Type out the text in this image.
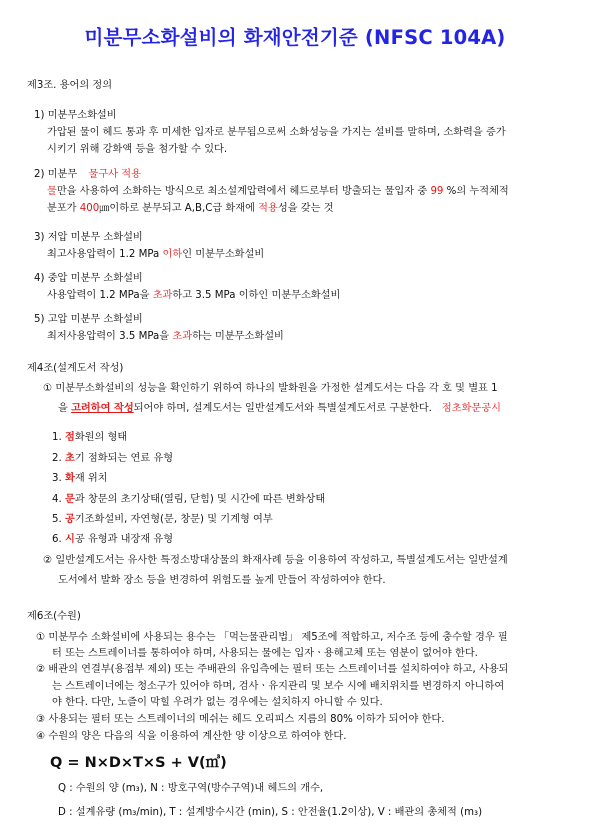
미분무소화설비의 화재안전기준 (NFSC 104A)
제3조. 용어의 정의
1) 미분무소화설비
가압된 물이 헤드 통과 후 미세한 입자로 분무됨으로써 소화성능을 가지는 설비를 말하며, 소화력을 증가
시키기 위해 강화액 등을 첨가할 수 있다.
2) 미분무 물구사 적용
물만을 사용하여 소화하는 방식으로 최소설계압력에서 헤드로부터 방출되는 물입자 중 99 %의 누적체적
분포가 400㎛이하로 분무되고 A,B,C급 화재에 적용성을 갖는 것
3) 저압 미분무 소화설비
최고사용압력이 1.2 MPa 이하인 미분무소화설비
4) 중압 미분무 소화설비
사용압력이 1.2 MPa을 초과하고 3.5 MPa 이하인 미분무소화설비
5) 고압 미분무 소화설비
최저사용압력이 3.5 MPa을 초과하는 미분무소화설비
제4조(설계도서 작성)
① 미분무소화설비의 성능을 확인하기 위하여 하나의 발화원을 가정한 설계도서는 다음 각 호 및 별표 1
을 고려하여 작성되어야 하며, 설계도서는 일반설계도서와 특별설계도서로 구분한다. 점초화문공시
1. 점화원의 형태
2. 초기 점화되는 연료 유형
3. 화재 위치
4. 문과 창문의 초기상태(열림, 닫힘) 및 시간에 따른 변화상태
5. 공기조화설비, 자연형(문, 창문) 및 기계형 여부
6. 시공 유형과 내장재 유형
② 일반설계도서는 유사한 특정소방대상물의 화재사례 등을 이용하여 작성하고, 특별설계도서는 일반설계
도서에서 발화 장소 등을 변경하여 위험도를 높게 만들어 작성하여야 한다.
제6조(수원)
① 미분무수 소화설비에 사용되는 용수는 「먹는물관리법」 제5조에 적합하고, 저수조 등에 충수할 경우 필
터 또는 스트레이너를 통하여야 하며, 사용되는 물에는 입자ㆍ용해고체 또는 염분이 없어야 한다.
② 배관의 연결부(용접부 제외) 또는 주배관의 유입측에는 필터 또는 스트레이너를 설치하여야 하고, 사용되
는 스트레이너에는 청소구가 있어야 하며, 검사ㆍ유지관리 및 보수 시에 배치위치를 변경하지 아니하여
야 한다. 다만, 노즐이 막힐 우려가 없는 경우에는 설치하지 아니할 수 있다.
③ 사용되는 필터 또는 스트레이너의 메쉬는 헤드 오리피스 지름의 80% 이하가 되어야 한다.
④ 수원의 양은 다음의 식을 이용하여 계산한 양 이상으로 하여야 한다.
Q = N×D×T×S + V(㎥)
Q : 수원의 양 (m₃), N : 방호구역(방수구역)내 헤드의 개수,
D : 설계유량 (m₃/min), T : 설계방수시간 (min), S : 안전율(1.2이상), V : 배관의 총체적 (m₃)
